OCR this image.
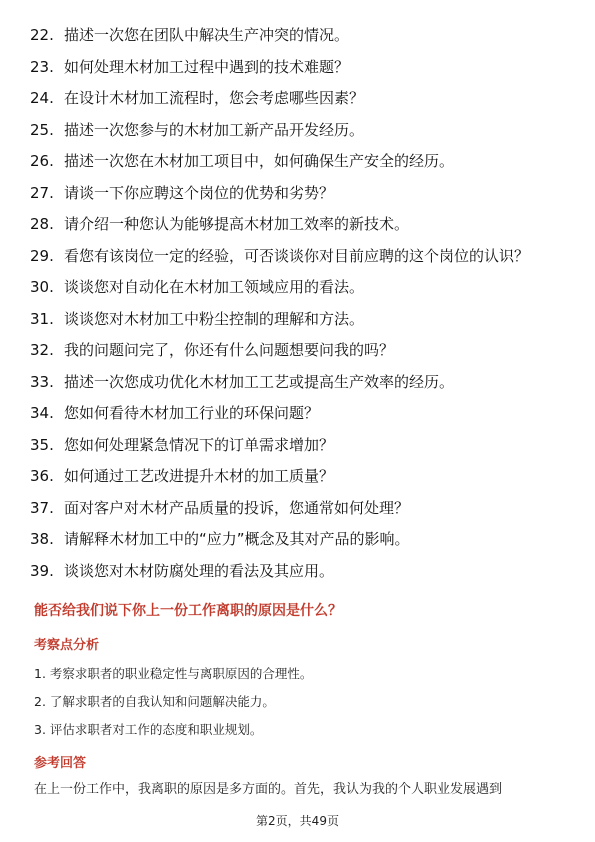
22. 描述一次您在团队中解决生产冲突的情况。
23. 如何处理木材加工过程中遇到的技术难题？
24. 在设计木材加工流程时，您会考虑哪些因素？
25. 描述一次您参与的木材加工新产品开发经历。
26. 描述一次您在木材加工项目中，如何确保生产安全的经历。
27. 请谈一下你应聘这个岗位的优势和劣势？
28. 请介绍一种您认为能够提高木材加工效率的新技术。
29. 看您有该岗位一定的经验，可否谈谈你对目前应聘的这个岗位的认识？
30. 谈谈您对自动化在木材加工领域应用的看法。
31. 谈谈您对木材加工中粉尘控制的理解和方法。
32. 我的问题问完了，你还有什么问题想要问我的吗？
33. 描述一次您成功优化木材加工工艺或提高生产效率的经历。
34. 您如何看待木材加工行业的环保问题？
35. 您如何处理紧急情况下的订单需求增加？
36. 如何通过工艺改进提升木材的加工质量？
37. 面对客户对木材产品质量的投诉，您通常如何处理？
38. 请解释木材加工中的“应力”概念及其对产品的影响。
39. 谈谈您对木材防腐处理的看法及其应用。
能否给我们说下你上一份工作离职的原因是什么？
考察点分析
1. 考察求职者的职业稳定性与离职原因的合理性。
2. 了解求职者的自我认知和问题解决能力。
3. 评估求职者对工作的态度和职业规划。
参考回答
在上一份工作中，我离职的原因是多方面的。首先，我认为我的个人职业发展遇到
第2页，共49页
